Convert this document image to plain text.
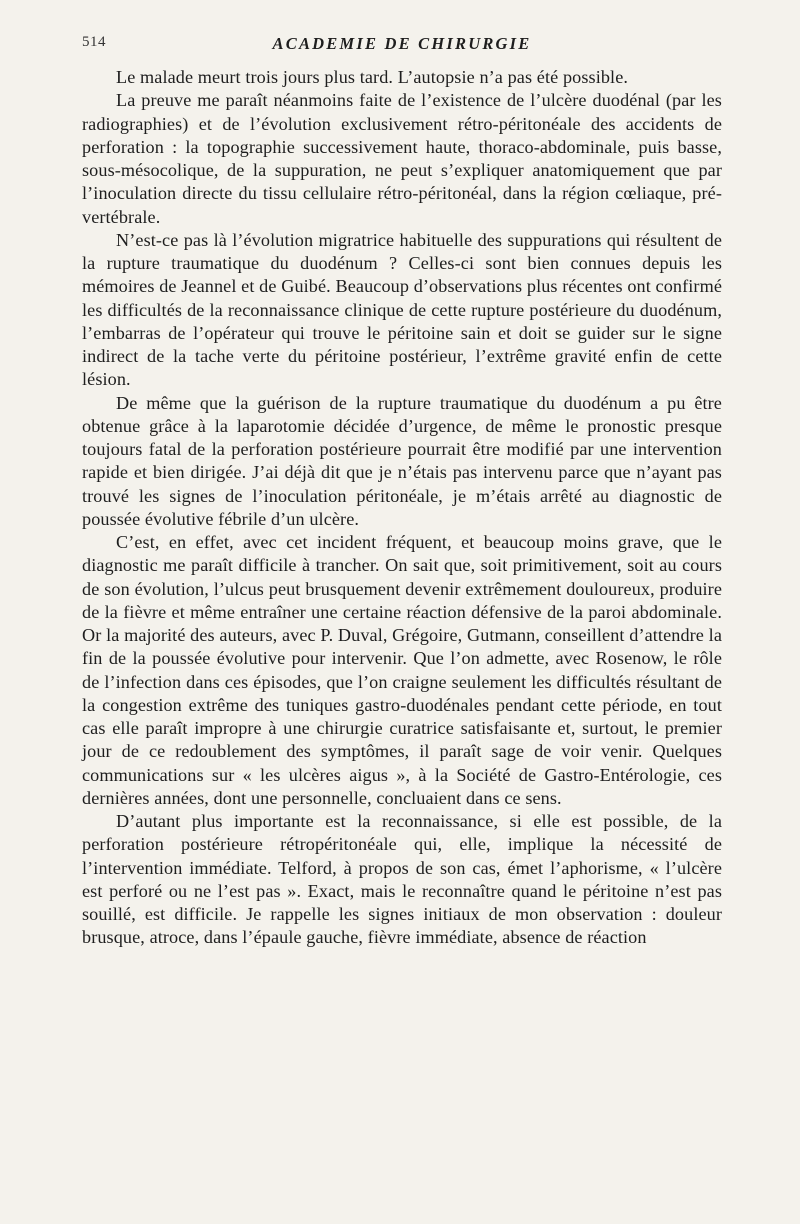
514	ACADEMIE DE CHIRURGIE

Le malade meurt trois jours plus tard. L’autopsie n’a pas été possible.

La preuve me paraît néanmoins faite de l’existence de l’ulcère duodénal (par les radiographies) et de l’évolution exclusivement rétro-péritonéale des accidents de perforation : la topographie successivement haute, thoraco-abdominale, puis basse, sous-mésocolique, de la suppuration, ne peut s’expliquer anatomiquement que par l’inoculation directe du tissu cellulaire rétro-péritonéal, dans la région cœliaque, pré-vertébrale.

N’est-ce pas là l’évolution migratrice habituelle des suppurations qui résultent de la rupture traumatique du duodénum ? Celles-ci sont bien connues depuis les mémoires de Jeannel et de Guibé. Beaucoup d’observations plus récentes ont confirmé les difficultés de la reconnaissance clinique de cette rupture postérieure du duodénum, l’embarras de l’opérateur qui trouve le péritoine sain et doit se guider sur le signe indirect de la tache verte du péritoine postérieur, l’extrême gravité enfin de cette lésion.

De même que la guérison de la rupture traumatique du duodénum a pu être obtenue grâce à la laparotomie décidée d’urgence, de même le pronostic presque toujours fatal de la perforation postérieure pourrait être modifié par une intervention rapide et bien dirigée. J’ai déjà dit que je n’étais pas intervenu parce que n’ayant pas trouvé les signes de l’inoculation péritonéale, je m’étais arrêté au diagnostic de poussée évolutive fébrile d’un ulcère.

C’est, en effet, avec cet incident fréquent, et beaucoup moins grave, que le diagnostic me paraît difficile à trancher. On sait que, soit primitivement, soit au cours de son évolution, l’ulcus peut brusquement devenir extrêmement douloureux, produire de la fièvre et même entraîner une certaine réaction défensive de la paroi abdominale. Or la majorité des auteurs, avec P. Duval, Grégoire, Gutmann, conseillent d’attendre la fin de la poussée évolutive pour intervenir. Que l’on admette, avec Rosenow, le rôle de l’infection dans ces épisodes, que l’on craigne seulement les difficultés résultant de la congestion extrême des tuniques gastro-duodénales pendant cette période, en tout cas elle paraît impropre à une chirurgie curatrice satisfaisante et, surtout, le premier jour de ce redoublement des symptômes, il paraît sage de voir venir. Quelques communications sur « les ulcères aigus », à la Société de Gastro-Entérologie, ces dernières années, dont une personnelle, concluaient dans ce sens.

D’autant plus importante est la reconnaissance, si elle est possible, de la perforation postérieure rétropéritonéale qui, elle, implique la nécessité de l’intervention immédiate. Telford, à propos de son cas, émet l’aphorisme, « l’ulcère est perforé ou ne l’est pas ». Exact, mais le reconnaître quand le péritoine n’est pas souillé, est difficile. Je rappelle les signes initiaux de mon observation : douleur brusque, atroce, dans l’épaule gauche, fièvre immédiate, absence de réaction
